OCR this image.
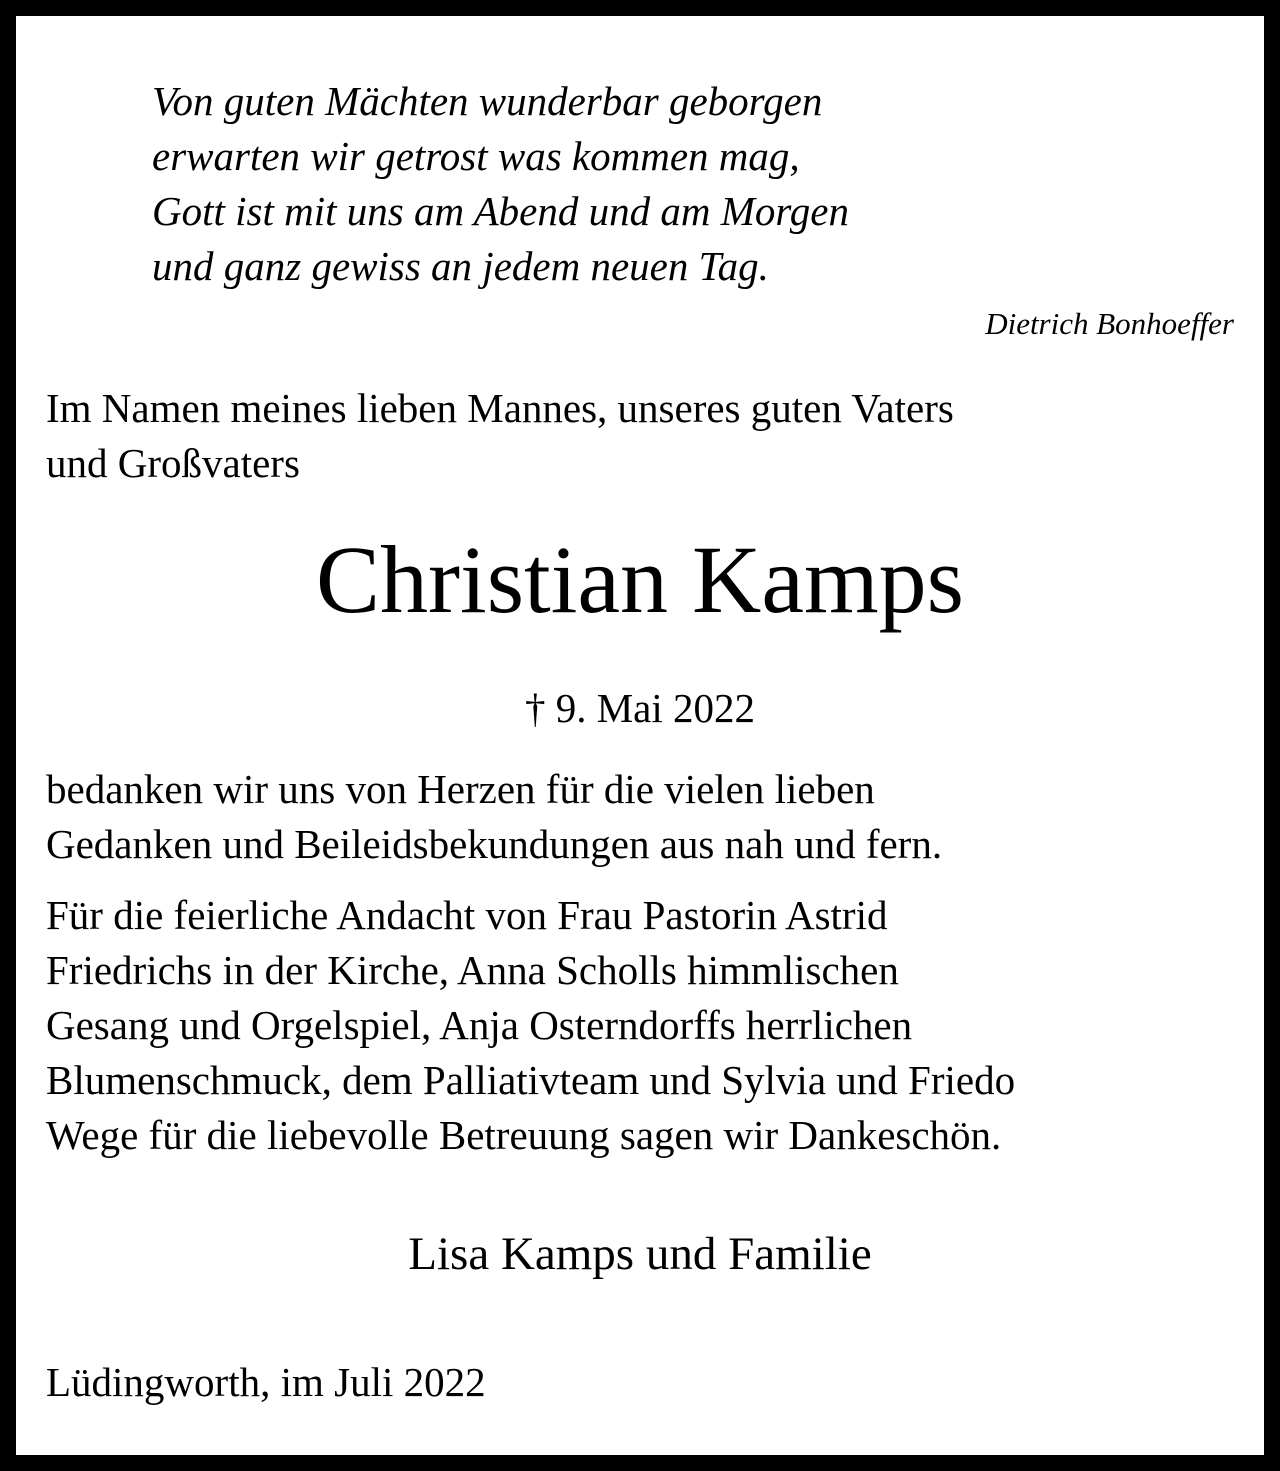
Von guten Mächten wunderbar geborgen
erwarten wir getrost was kommen mag,
Gott ist mit uns am Abend und am Morgen
und ganz gewiss an jedem neuen Tag.
Dietrich Bonhoeffer
Im Namen meines lieben Mannes, unseres guten Vaters
und Großvaters
Christian Kamps
† 9. Mai 2022
bedanken wir uns von Herzen für die vielen lieben
Gedanken und Beileidsbekundungen aus nah und fern.
Für die feierliche Andacht von Frau Pastorin Astrid
Friedrichs in der Kirche, Anna Scholls himmlischen
Gesang und Orgelspiel, Anja Osterndorffs herrlichen
Blumenschmuck, dem Palliativteam und Sylvia und Friedo
Wege für die liebevolle Betreuung sagen wir Dankeschön.
Lisa Kamps und Familie
Lüdingworth, im Juli 2022
